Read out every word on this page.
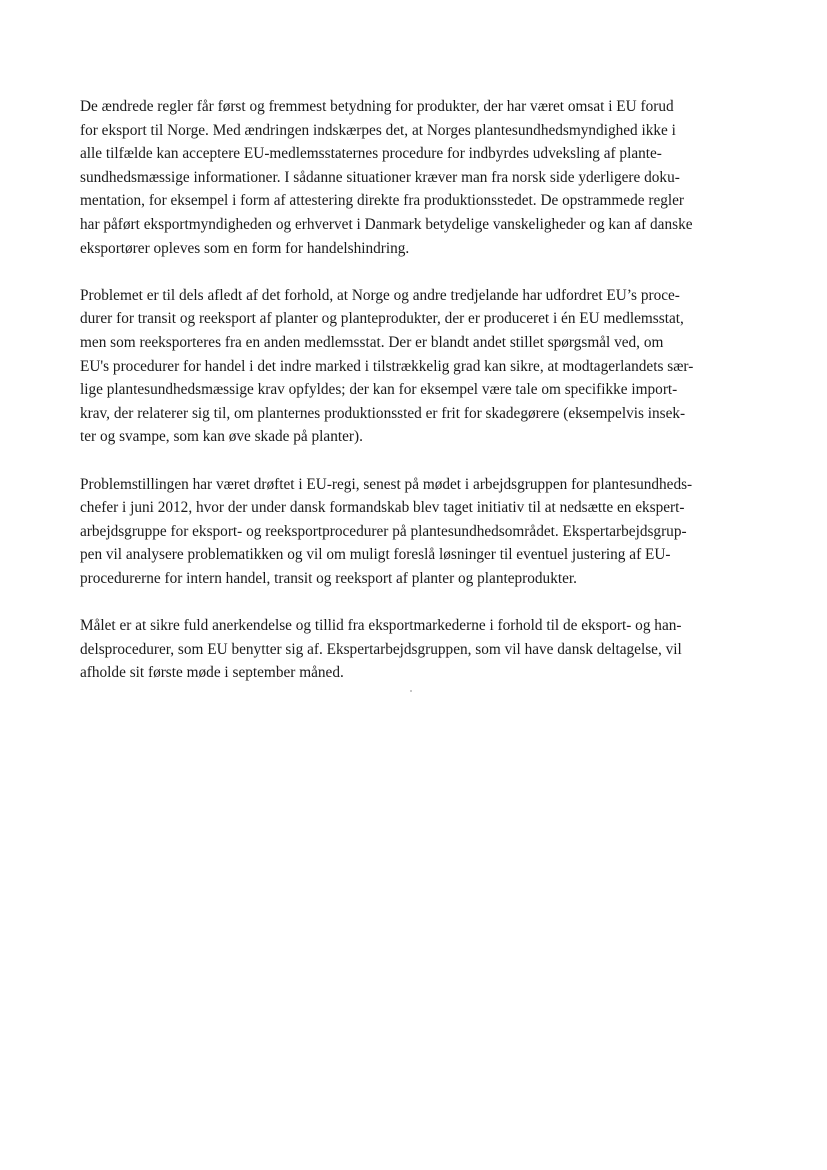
De ændrede regler får først og fremmest betydning for produkter, der har været omsat i EU forud
for eksport til Norge. Med ændringen indskærpes det, at Norges plantesundhedsmyndighed ikke i
alle tilfælde kan acceptere EU-medlemsstaternes procedure for indbyrdes udveksling af plante-
sundhedsmæssige informationer. I sådanne situationer kræver man fra norsk side yderligere doku-
mentation, for eksempel i form af attestering direkte fra produktionsstedet. De opstrammede regler
har påført eksportmyndigheden og erhvervet i Danmark betydelige vanskeligheder og kan af danske
eksportører opleves som en form for handelshindring.

Problemet er til dels afledt af det forhold, at Norge og andre tredjelande har udfordret EU’s proce-
durer for transit og reeksport af planter og planteprodukter, der er produceret i én EU medlemsstat,
men som reeksporteres fra en anden medlemsstat. Der er blandt andet stillet spørgsmål ved, om
EU's procedurer for handel i det indre marked i tilstrækkelig grad kan sikre, at modtagerlandets sær-
lige plantesundhedsmæssige krav opfyldes; der kan for eksempel være tale om specifikke import-
krav, der relaterer sig til, om planternes produktionssted er frit for skadegørere (eksempelvis insek-
ter og svampe, som kan øve skade på planter).

Problemstillingen har været drøftet i EU-regi, senest på mødet i arbejdsgruppen for plantesundheds-
chefer i juni 2012, hvor der under dansk formandskab blev taget initiativ til at nedsætte en ekspert-
arbejdsgruppe for eksport- og reeksportprocedurer på plantesundhedsområdet. Ekspertarbejdsgrup-
pen vil analysere problematikken og vil om muligt foreslå løsninger til eventuel justering af EU-
procedurerne for intern handel, transit og reeksport af planter og planteprodukter.

Målet er at sikre fuld anerkendelse og tillid fra eksportmarkederne i forhold til de eksport- og han-
delsprocedurer, som EU benytter sig af. Ekspertarbejdsgruppen, som vil have dansk deltagelse, vil
afholde sit første møde i september måned.
